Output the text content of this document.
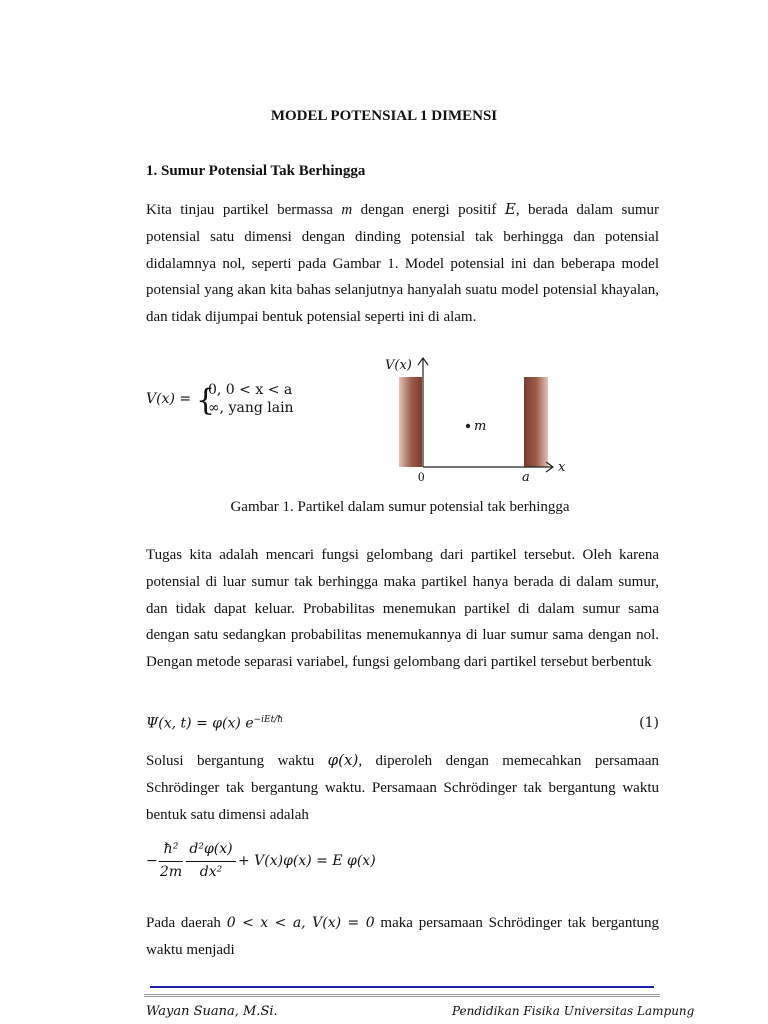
MODEL POTENSIAL 1 DIMENSI
1. Sumur Potensial Tak Berhingga
Kita tinjau partikel bermassa m dengan energi positif E, berada dalam sumur potensial satu dimensi dengan dinding potensial tak berhingga dan potensial didalamnya nol, seperti pada Gambar 1. Model potensial ini dan beberapa model potensial yang akan kita bahas selanjutnya hanyalah suatu model potensial khayalan, dan tidak dijumpai bentuk potensial seperti ini di alam.
V(x) = {
0, 0 < x < a
∞, yang lain
V(x)
x
0	a
m
Gambar 1. Partikel dalam sumur potensial tak berhingga
Tugas kita adalah mencari fungsi gelombang dari partikel tersebut. Oleh karena potensial di luar sumur tak berhingga maka partikel hanya berada di dalam sumur, dan tidak dapat keluar. Probabilitas menemukan partikel di dalam sumur sama dengan satu sedangkan probabilitas menemukannya di luar sumur sama dengan nol. Dengan metode separasi variabel, fungsi gelombang dari partikel tersebut berbentuk
Ψ(x, t) = φ(x) $e^{-iEt/ħ}$	(1)
Solusi bergantung waktu φ(x), diperoleh dengan memecahkan persamaan Schrödinger tak bergantung waktu. Persamaan Schrödinger tak bergantung waktu bentuk satu dimensi adalah
−
ħ²
2m
d²φ(x)
dx²
+ V(x)φ(x) = E φ(x)
Pada daerah 0 < x < a, V(x) = 0 maka persamaan Schrödinger tak bergantung waktu menjadi
Wayan Suana, M.Si.	Pendidikan Fisika Universitas Lampung
